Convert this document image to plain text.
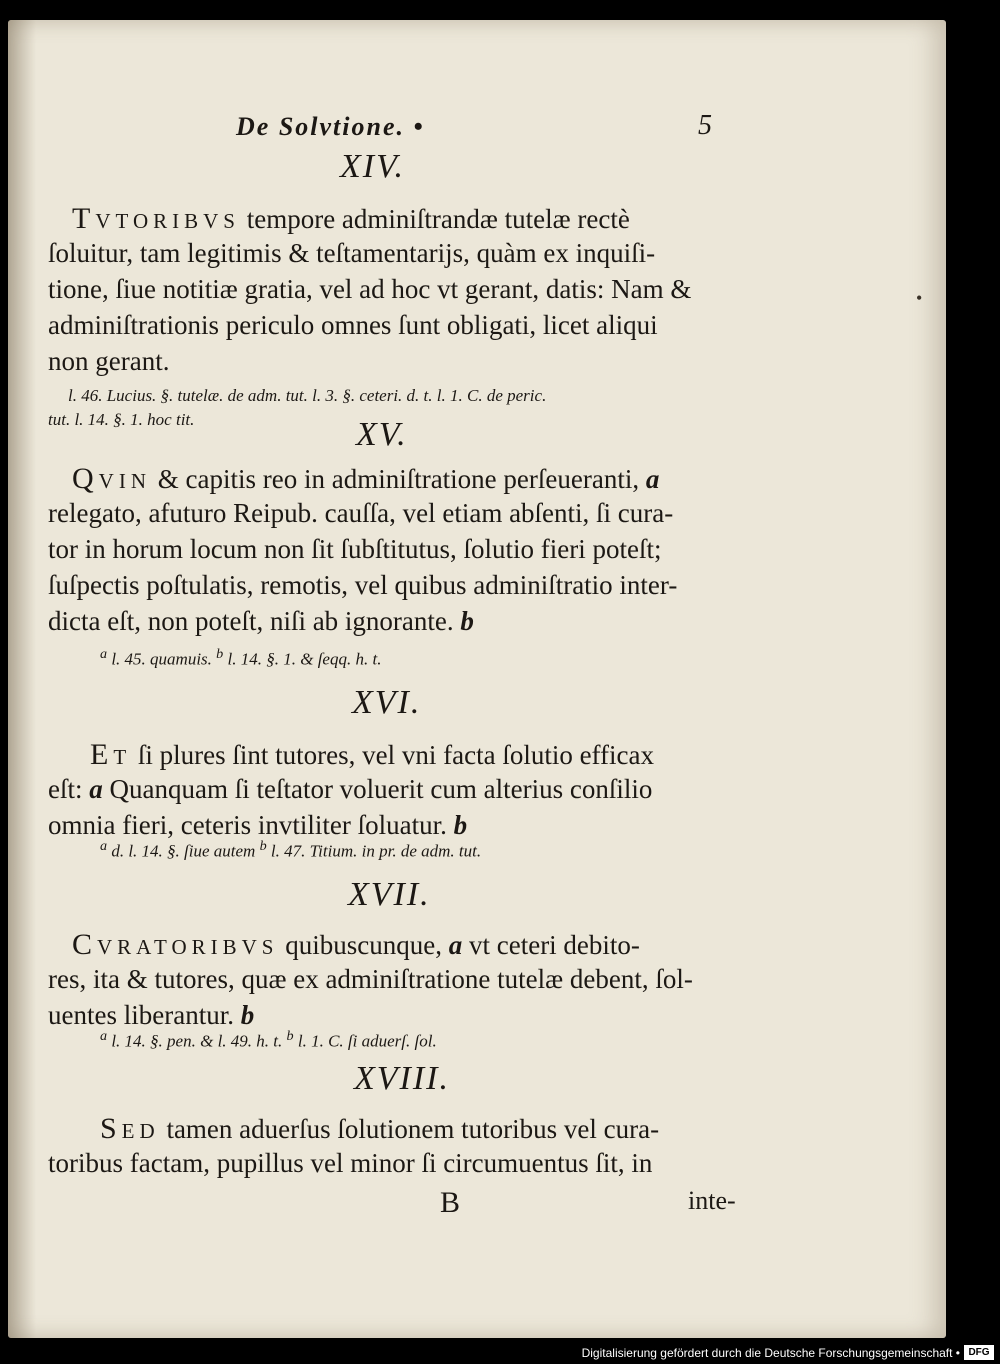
De Solvtione. •	5
•
XIV.
Tvtoribvs tempore adminiſtrandæ tutelæ rectè
ſoluitur, tam legitimis & teſtamentarijs, quàm ex inquiſi-
tione, ſiue notitiæ gratia, vel ad hoc vt gerant, datis: Nam &
adminiſtrationis periculo omnes ſunt obligati, licet aliqui
non gerant.
l. 46. Lucius. §. tutelæ. de adm. tut. l. 3. §. ceteri. d. t. l. 1. C. de peric.
tut. l. 14. §. 1. hoc tit.	XV.
Qvin & capitis reo in adminiſtratione perſeueranti, a
relegato, afuturo Reipub. cauſſa, vel etiam abſenti, ſi cura-
tor in horum locum non ſit ſubſtitutus, ſolutio fieri poteſt;
ſuſpectis poſtulatis, remotis, vel quibus adminiſtratio inter-
dicta eſt, non poteſt, niſi ab ignorante. b
$^a$ l. 45. quamuis. $^b$ l. 14. §. 1. & ſeqq. h. t.
XVI.
Et ſi plures ſint tutores, vel vni facta ſolutio efficax
eſt: a Quanquam ſi teſtator voluerit cum alterius conſilio
omnia fieri, ceteris invtiliter ſoluatur. b
$^a$ d. l. 14. §. ſiue autem $^b$ l. 47. Titium. in pr. de adm. tut.
XVII.
Cvratoribvs quibuscunque, a vt ceteri debito-
res, ita & tutores, quæ ex adminiſtratione tutelæ debent, ſol-
uentes liberantur. b
$^a$ l. 14. §. pen. & l. 49. h. t. $^b$ l. 1. C. ſi aduerſ. ſol.
XVIII.
Sed tamen aduerſus ſolutionem tutoribus vel cura-
toribus factam, pupillus vel minor ſi circumuentus ſit, in
B	inte-
Digitalisierung gefördert durch die Deutsche Forschungsgemeinschaft • DFG
